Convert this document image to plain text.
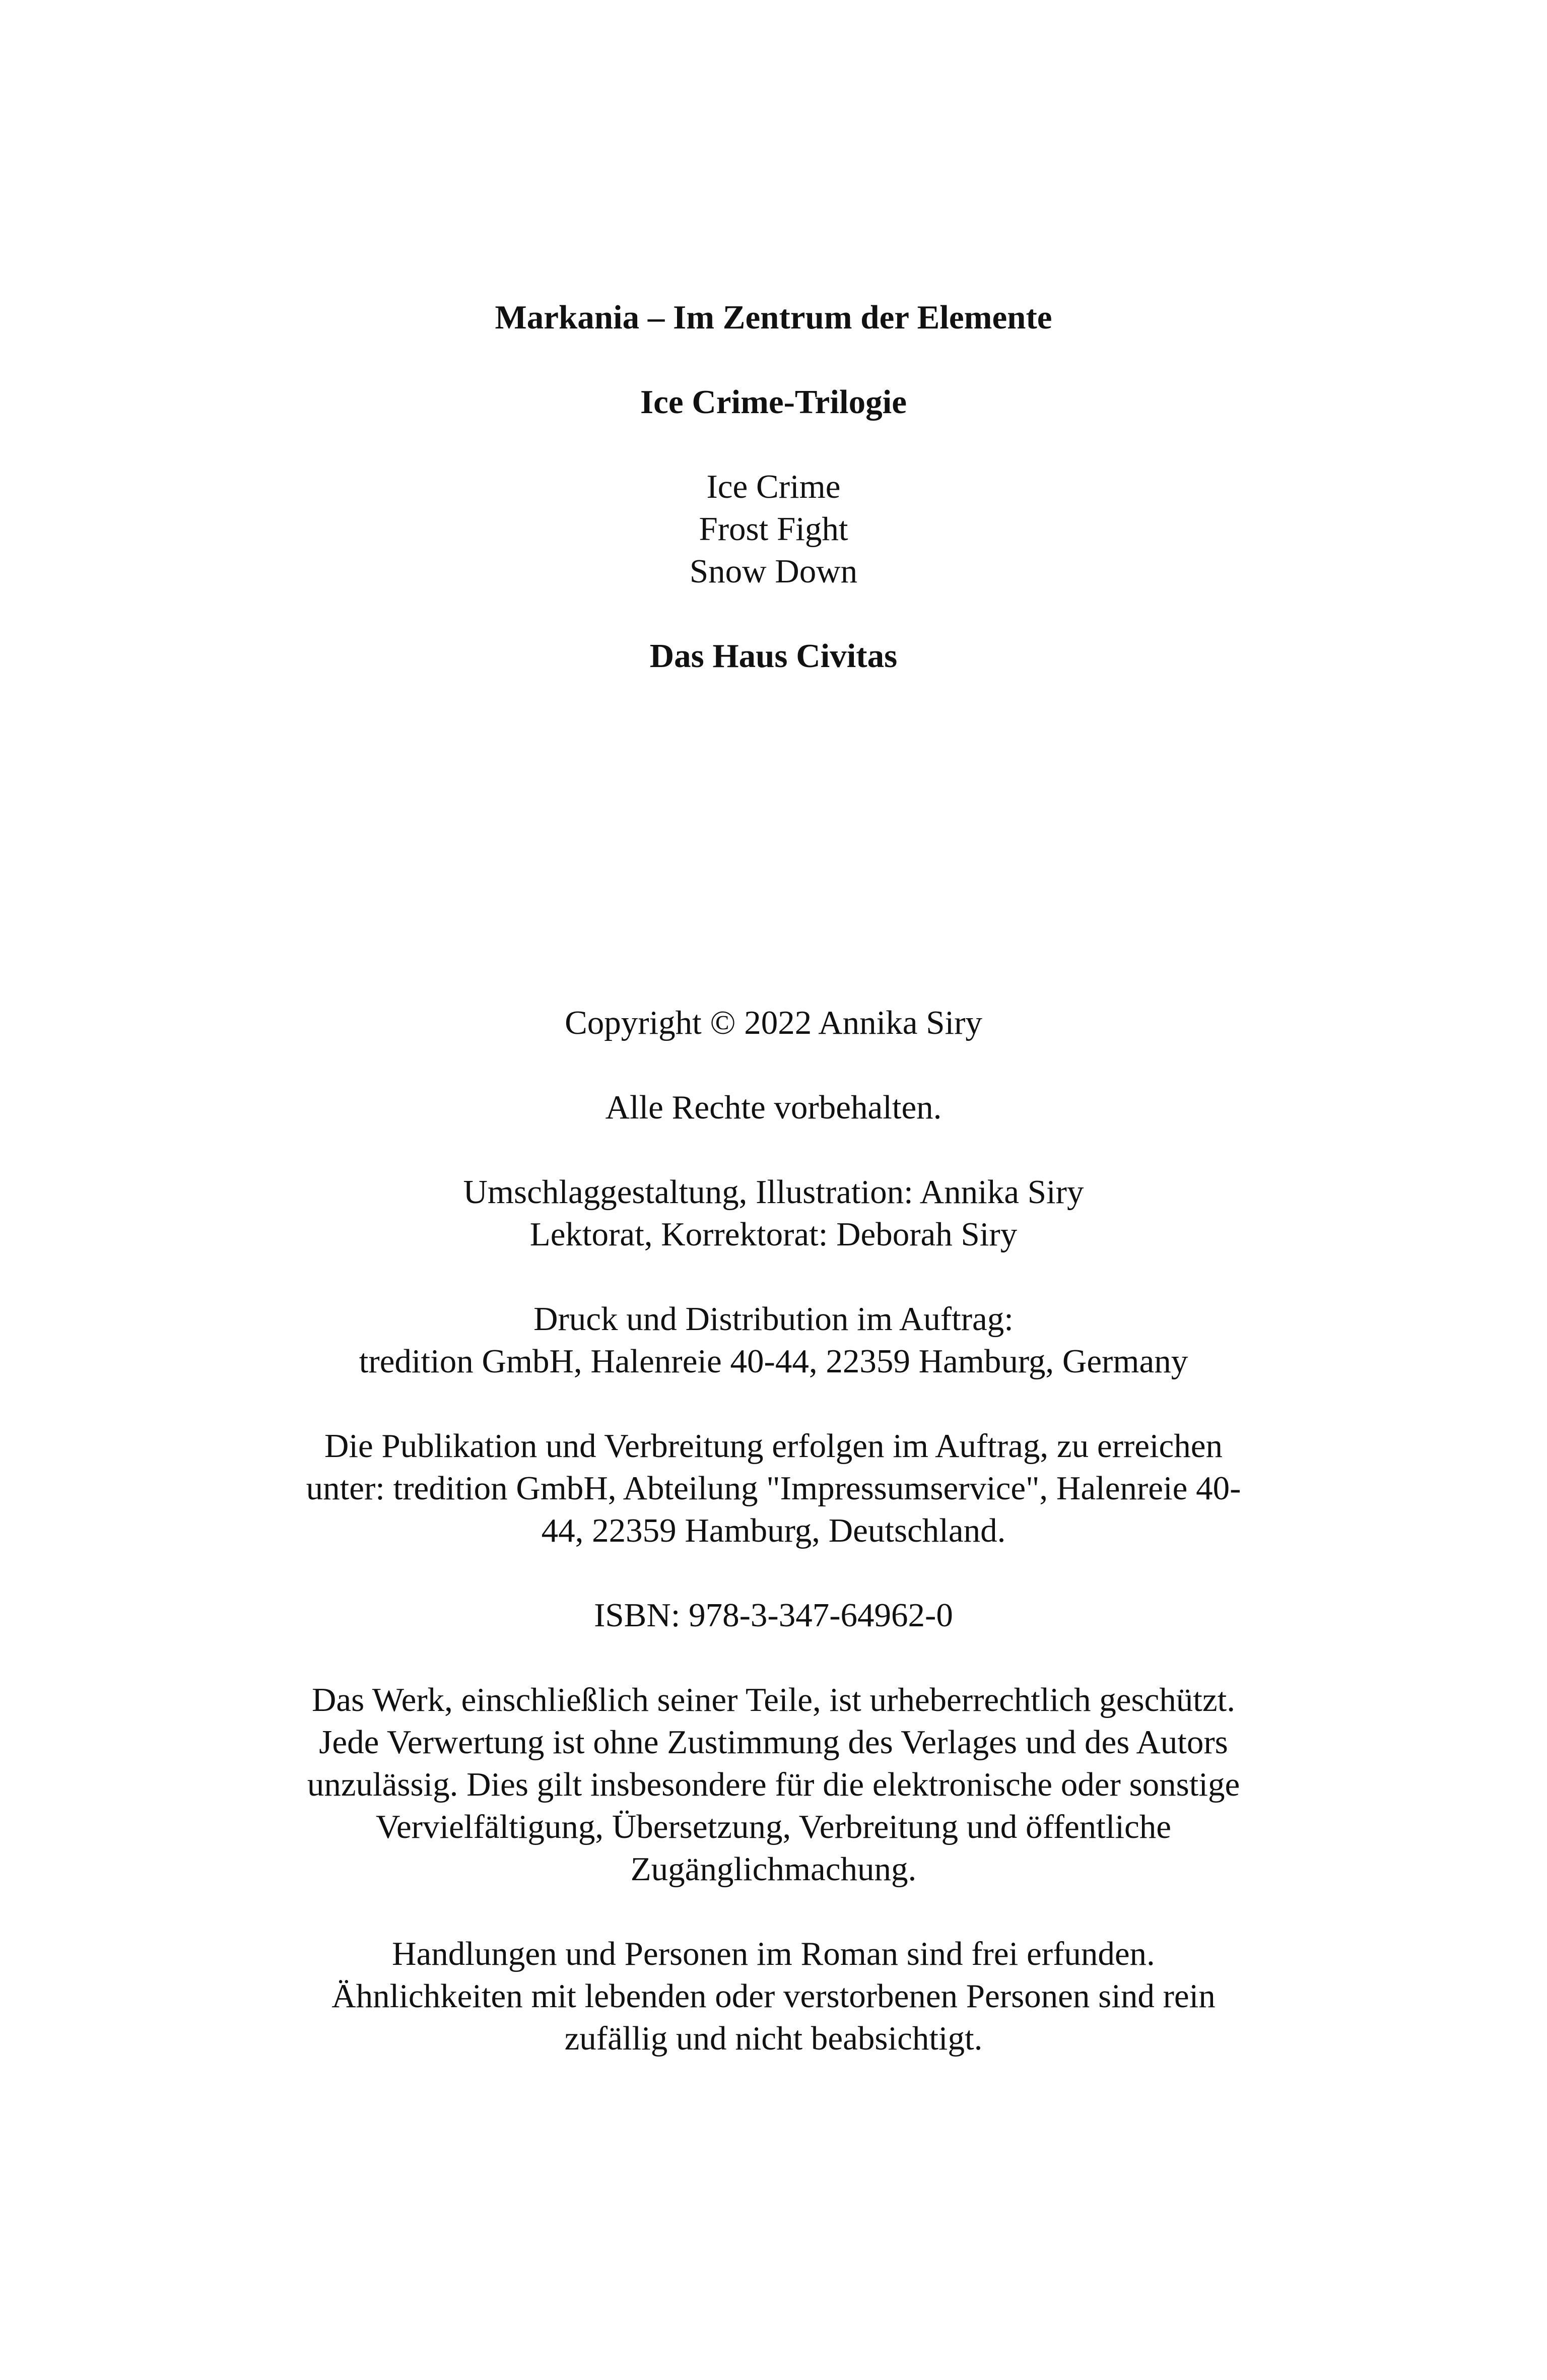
Markania – Im Zentrum der Elemente
Ice Crime-Trilogie
Ice Crime
Frost Fight
Snow Down
Das Haus Civitas
Copyright © 2022 Annika Siry
Alle Rechte vorbehalten.
Umschlaggestaltung, Illustration: Annika Siry
Lektorat, Korrektorat: Deborah Siry
Druck und Distribution im Auftrag:
tredition GmbH, Halenreie 40-44, 22359 Hamburg, Germany
Die Publikation und Verbreitung erfolgen im Auftrag, zu erreichen
unter: tredition GmbH, Abteilung "Impressumservice", Halenreie 40-
44, 22359 Hamburg, Deutschland.
ISBN: 978-3-347-64962-0
Das Werk, einschließlich seiner Teile, ist urheberrechtlich geschützt.
Jede Verwertung ist ohne Zustimmung des Verlages und des Autors
unzulässig. Dies gilt insbesondere für die elektronische oder sonstige
Vervielfältigung, Übersetzung, Verbreitung und öffentliche
Zugänglichmachung.
Handlungen und Personen im Roman sind frei erfunden.
Ähnlichkeiten mit lebenden oder verstorbenen Personen sind rein
zufällig und nicht beabsichtigt.
